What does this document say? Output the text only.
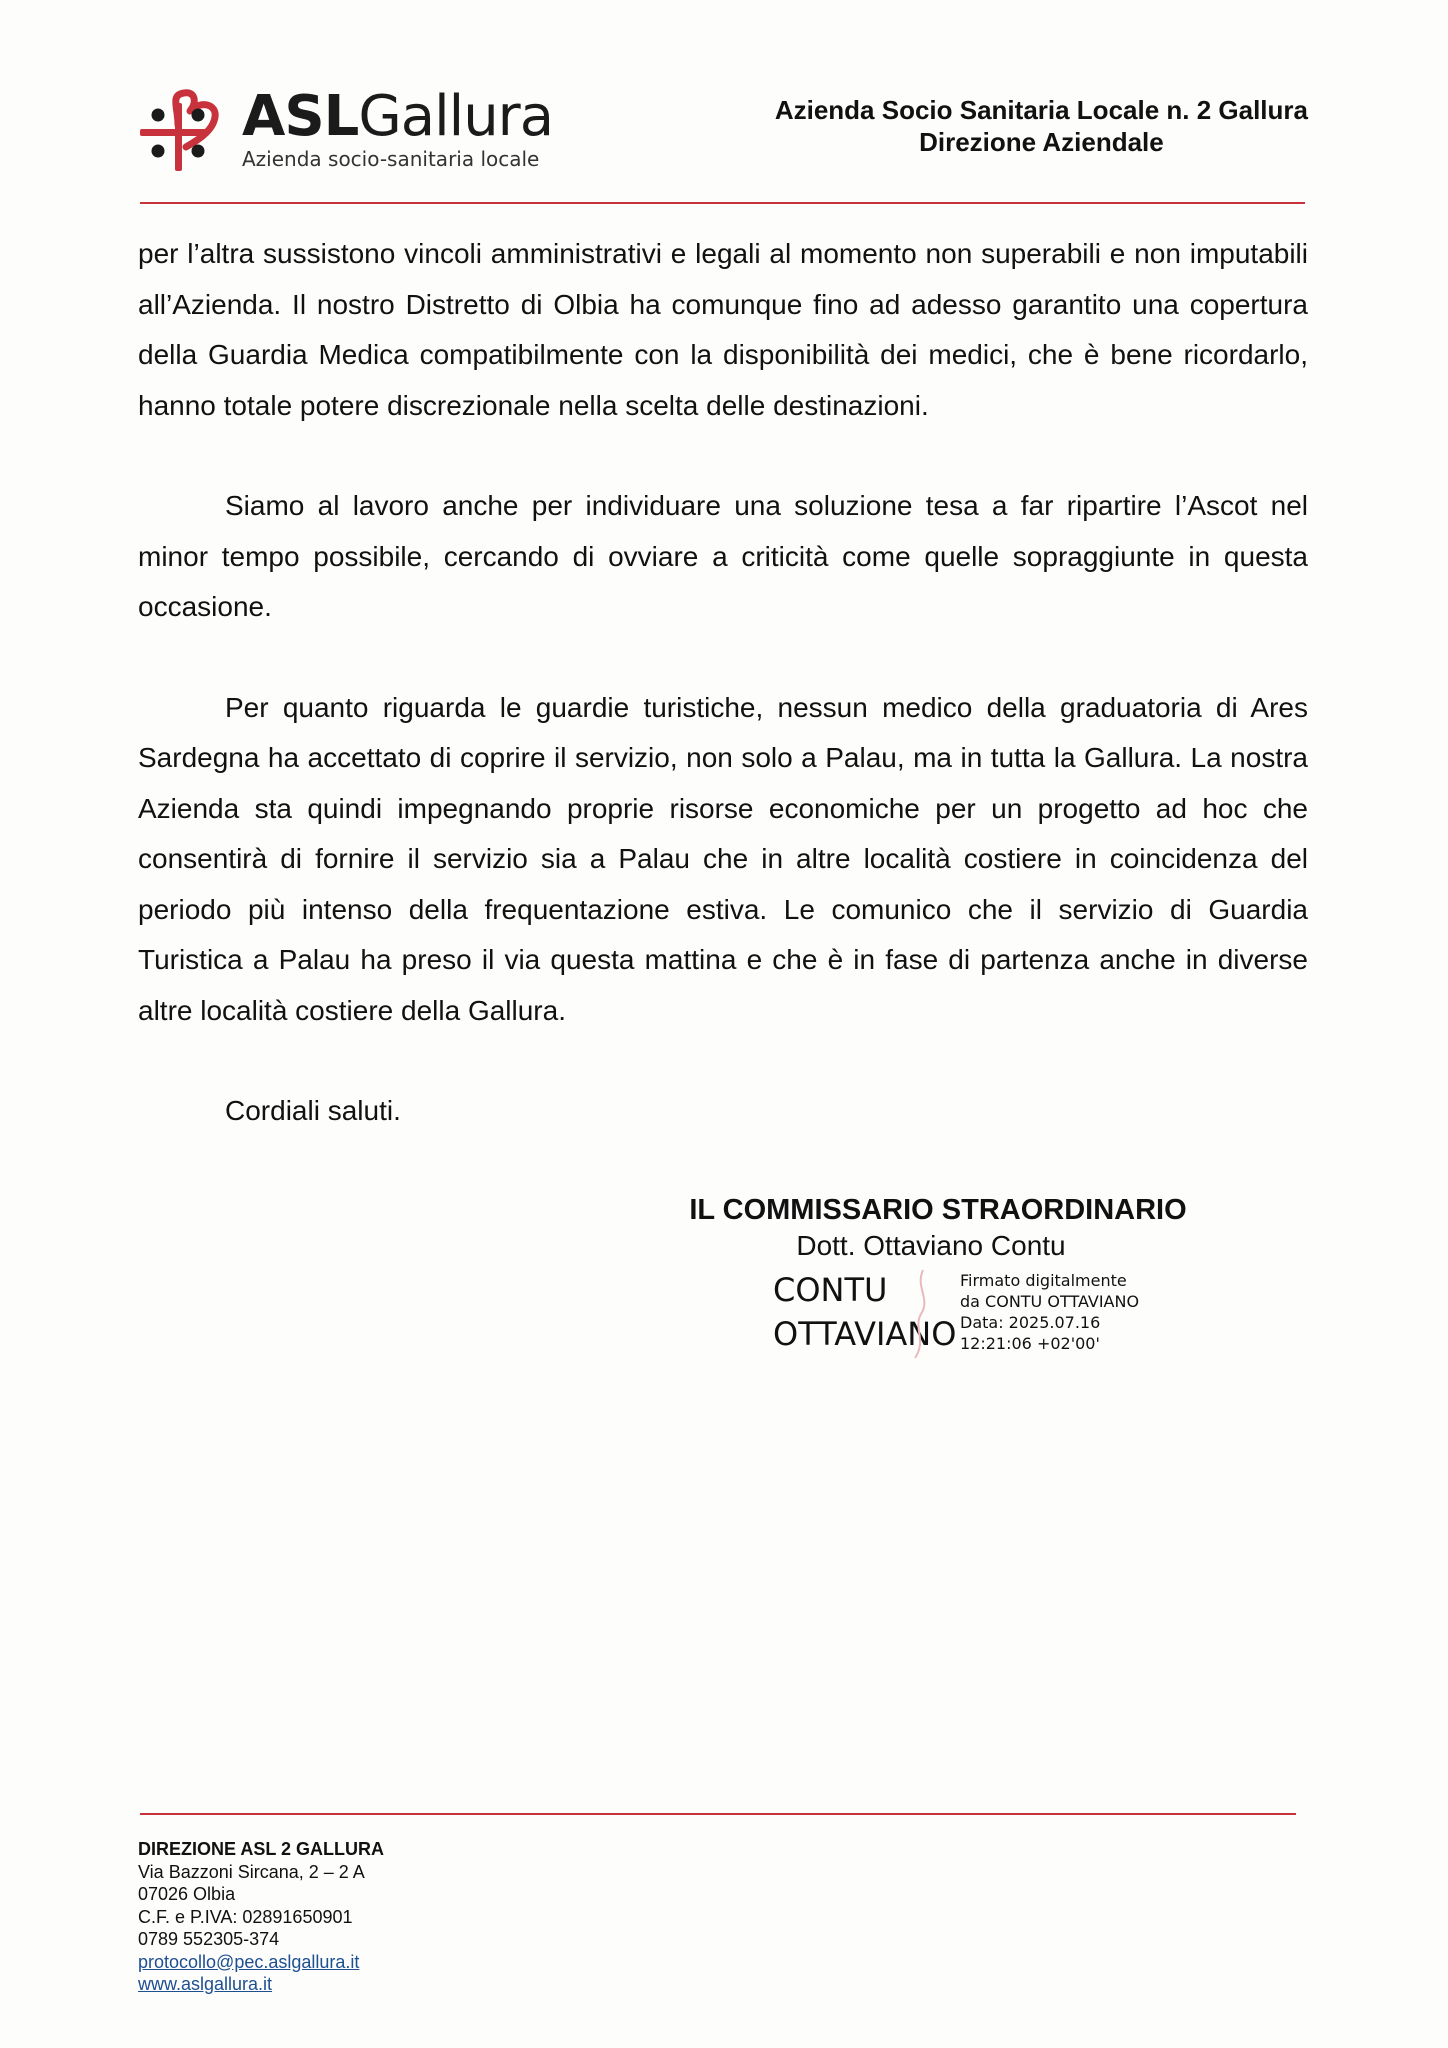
ASLGallura
Azienda socio-sanitaria locale
Azienda Socio Sanitaria Locale n. 2 Gallura
Direzione Aziendale

per l’altra sussistono vincoli amministrativi e legali al momento non superabili e non imputabili all’Azienda. Il nostro Distretto di Olbia ha comunque fino ad adesso garantito una copertura della Guardia Medica compatibilmente con la disponibilità dei medici, che è bene ricordarlo, hanno totale potere discrezionale nella scelta delle destinazioni.

Siamo al lavoro anche per individuare una soluzione tesa a far ripartire l’Ascot nel minor tempo possibile, cercando di ovviare a criticità come quelle sopraggiunte in questa occasione.

Per quanto riguarda le guardie turistiche, nessun medico della graduatoria di Ares Sardegna ha accettato di coprire il servizio, non solo a Palau, ma in tutta la Gallura. La nostra Azienda sta quindi impegnando proprie risorse economiche per un progetto ad hoc che consentirà di fornire il servizio sia a Palau che in altre località costiere in coincidenza del periodo più intenso della frequentazione estiva. Le comunico che il servizio di Guardia Turistica a Palau ha preso il via questa mattina e che è in fase di partenza anche in diverse altre località costiere della Gallura.

Cordiali saluti.

IL COMMISSARIO STRAORDINARIO
Dott. Ottaviano Contu
CONTU
OTTAVIANO
Firmato digitalmente
da CONTU OTTAVIANO
Data: 2025.07.16
12:21:06 +02'00'
DIREZIONE ASL 2 GALLURA
Via Bazzoni Sircana, 2 – 2 A
07026 Olbia
C.F. e P.IVA: 02891650901
0789 552305-374
protocollo@pec.aslgallura.it
www.aslgallura.it
